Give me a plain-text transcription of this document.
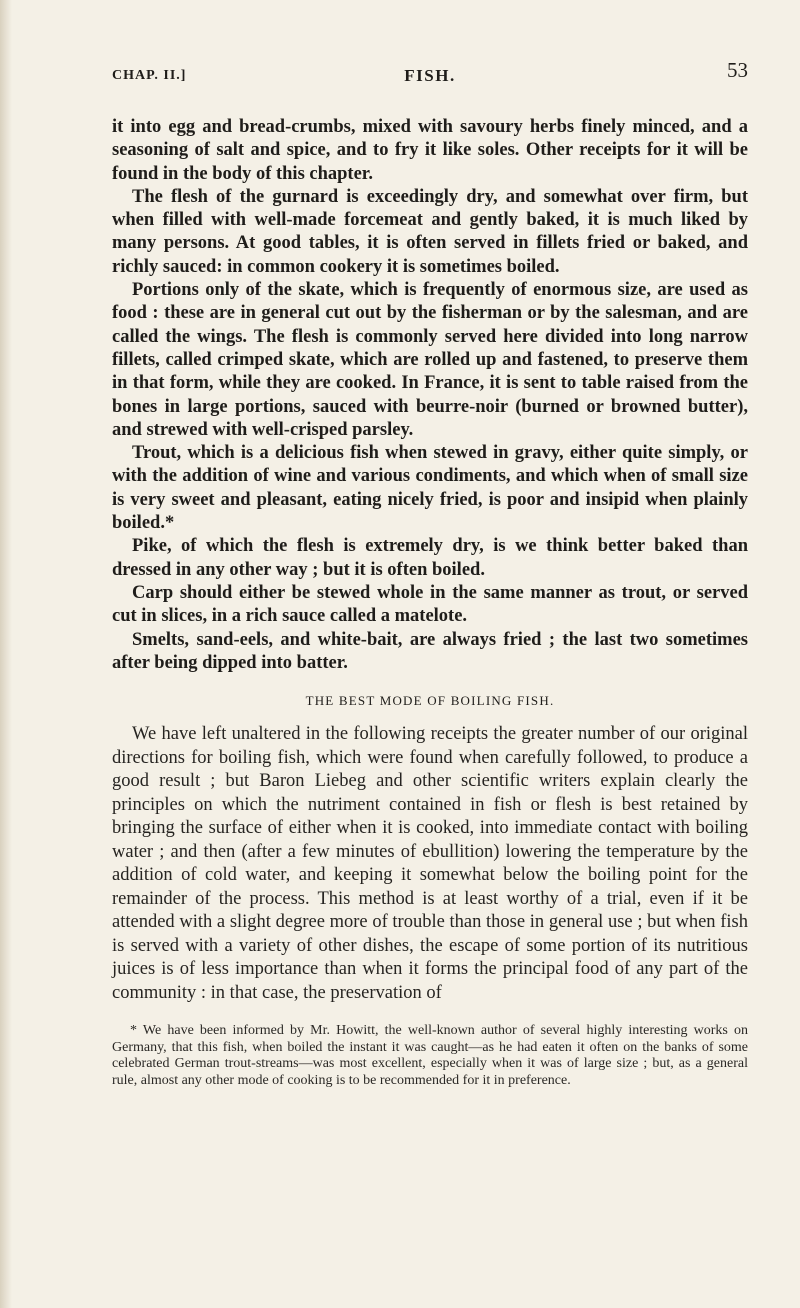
CHAP. II.]	FISH.	53

it into egg and bread-crumbs, mixed with savoury herbs finely minced, and a seasoning of salt and spice, and to fry it like soles. Other receipts for it will be found in the body of this chapter.

The flesh of the gurnard is exceedingly dry, and somewhat over firm, but when filled with well-made forcemeat and gently baked, it is much liked by many persons. At good tables, it is often served in fillets fried or baked, and richly sauced: in common cookery it is sometimes boiled.

Portions only of the skate, which is frequently of enormous size, are used as food : these are in general cut out by the fisherman or by the salesman, and are called the wings. The flesh is commonly served here divided into long narrow fillets, called crimped skate, which are rolled up and fastened, to preserve them in that form, while they are cooked. In France, it is sent to table raised from the bones in large portions, sauced with beurre-noir (burned or browned butter), and strewed with well-crisped parsley.

Trout, which is a delicious fish when stewed in gravy, either quite simply, or with the addition of wine and various condiments, and which when of small size is very sweet and pleasant, eating nicely fried, is poor and insipid when plainly boiled.*

Pike, of which the flesh is extremely dry, is we think better baked than dressed in any other way ; but it is often boiled.

Carp should either be stewed whole in the same manner as trout, or served cut in slices, in a rich sauce called a matelote.

Smelts, sand-eels, and white-bait, are always fried ; the last two sometimes after being dipped into batter.

THE BEST MODE OF BOILING FISH.

We have left unaltered in the following receipts the greater number of our original directions for boiling fish, which were found when carefully followed, to produce a good result ; but Baron Liebeg and other scientific writers explain clearly the principles on which the nutriment contained in fish or flesh is best retained by bringing the surface of either when it is cooked, into immediate contact with boiling water ; and then (after a few minutes of ebullition) lowering the temperature by the addition of cold water, and keeping it somewhat below the boiling point for the remainder of the process. This method is at least worthy of a trial, even if it be attended with a slight degree more of trouble than those in general use ; but when fish is served with a variety of other dishes, the escape of some portion of its nutritious juices is of less importance than when it forms the principal food of any part of the community : in that case, the preservation of

* We have been informed by Mr. Howitt, the well-known author of several highly interesting works on Germany, that this fish, when boiled the instant it was caught—as he had eaten it often on the banks of some celebrated German trout-streams—was most excellent, especially when it was of large size ; but, as a general rule, almost any other mode of cooking is to be recommended for it in preference.
